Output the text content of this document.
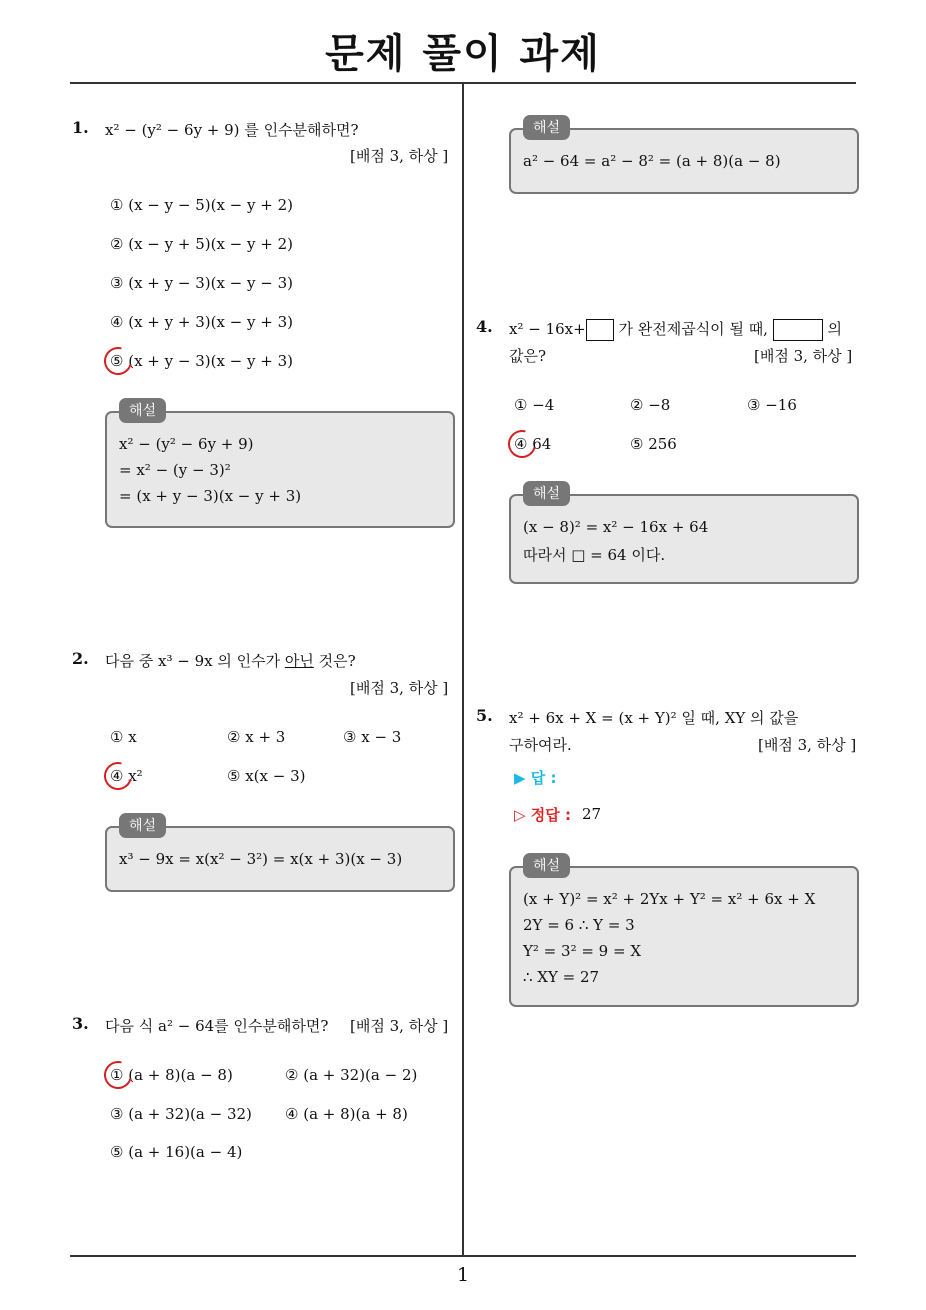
문제 풀이 과제
1
1. x² − (y² − 6y + 9) 를 인수분해하면?
[배점 3, 하상 ]
① (x − y − 5)(x − y + 2)
② (x − y + 5)(x − y + 2)
③ (x + y − 3)(x − y − 3)
④ (x + y + 3)(x − y + 3)
⑤ (x + y − 3)(x − y + 3)
해설
x² − (y² − 6y + 9)
= x² − (y − 3)²
= (x + y − 3)(x − y + 3)
2. 다음 중 x³ − 9x 의 인수가 아닌 것은?
[배점 3, 하상 ]
① x	② x + 3	③ x − 3
④ x²	⑤ x(x − 3)
해설
x³ − 9x = x(x² − 3²) = x(x + 3)(x − 3)
3. 다음 식 a² − 64를 인수분해하면? [배점 3, 하상 ]
① (a + 8)(a − 8)	② (a + 32)(a − 2)
③ (a + 32)(a − 32) ④ (a + 8)(a + 8)
⑤ (a + 16)(a − 4)
해설
a² − 64 = a² − 8² = (a + 8)(a − 8)
4. x² − 16x+ 가 완전제곱식이 될 때,	의
값은?	[배점 3, 하상 ]
① −4	② −8	③ −16
④ 64	⑤ 256
해설
(x − 8)² = x² − 16x + 64
따라서 □ = 64 이다.
5. x² + 6x + X = (x + Y)² 일 때, XY 의 값을
구하여라.	[배점 3, 하상 ]
▶ 답 :
▷ 정답 : 27
해설
(x + Y)² = x² + 2Yx + Y² = x² + 6x + X
2Y = 6 ∴ Y = 3
Y² = 3² = 9 = X
∴ XY = 27
